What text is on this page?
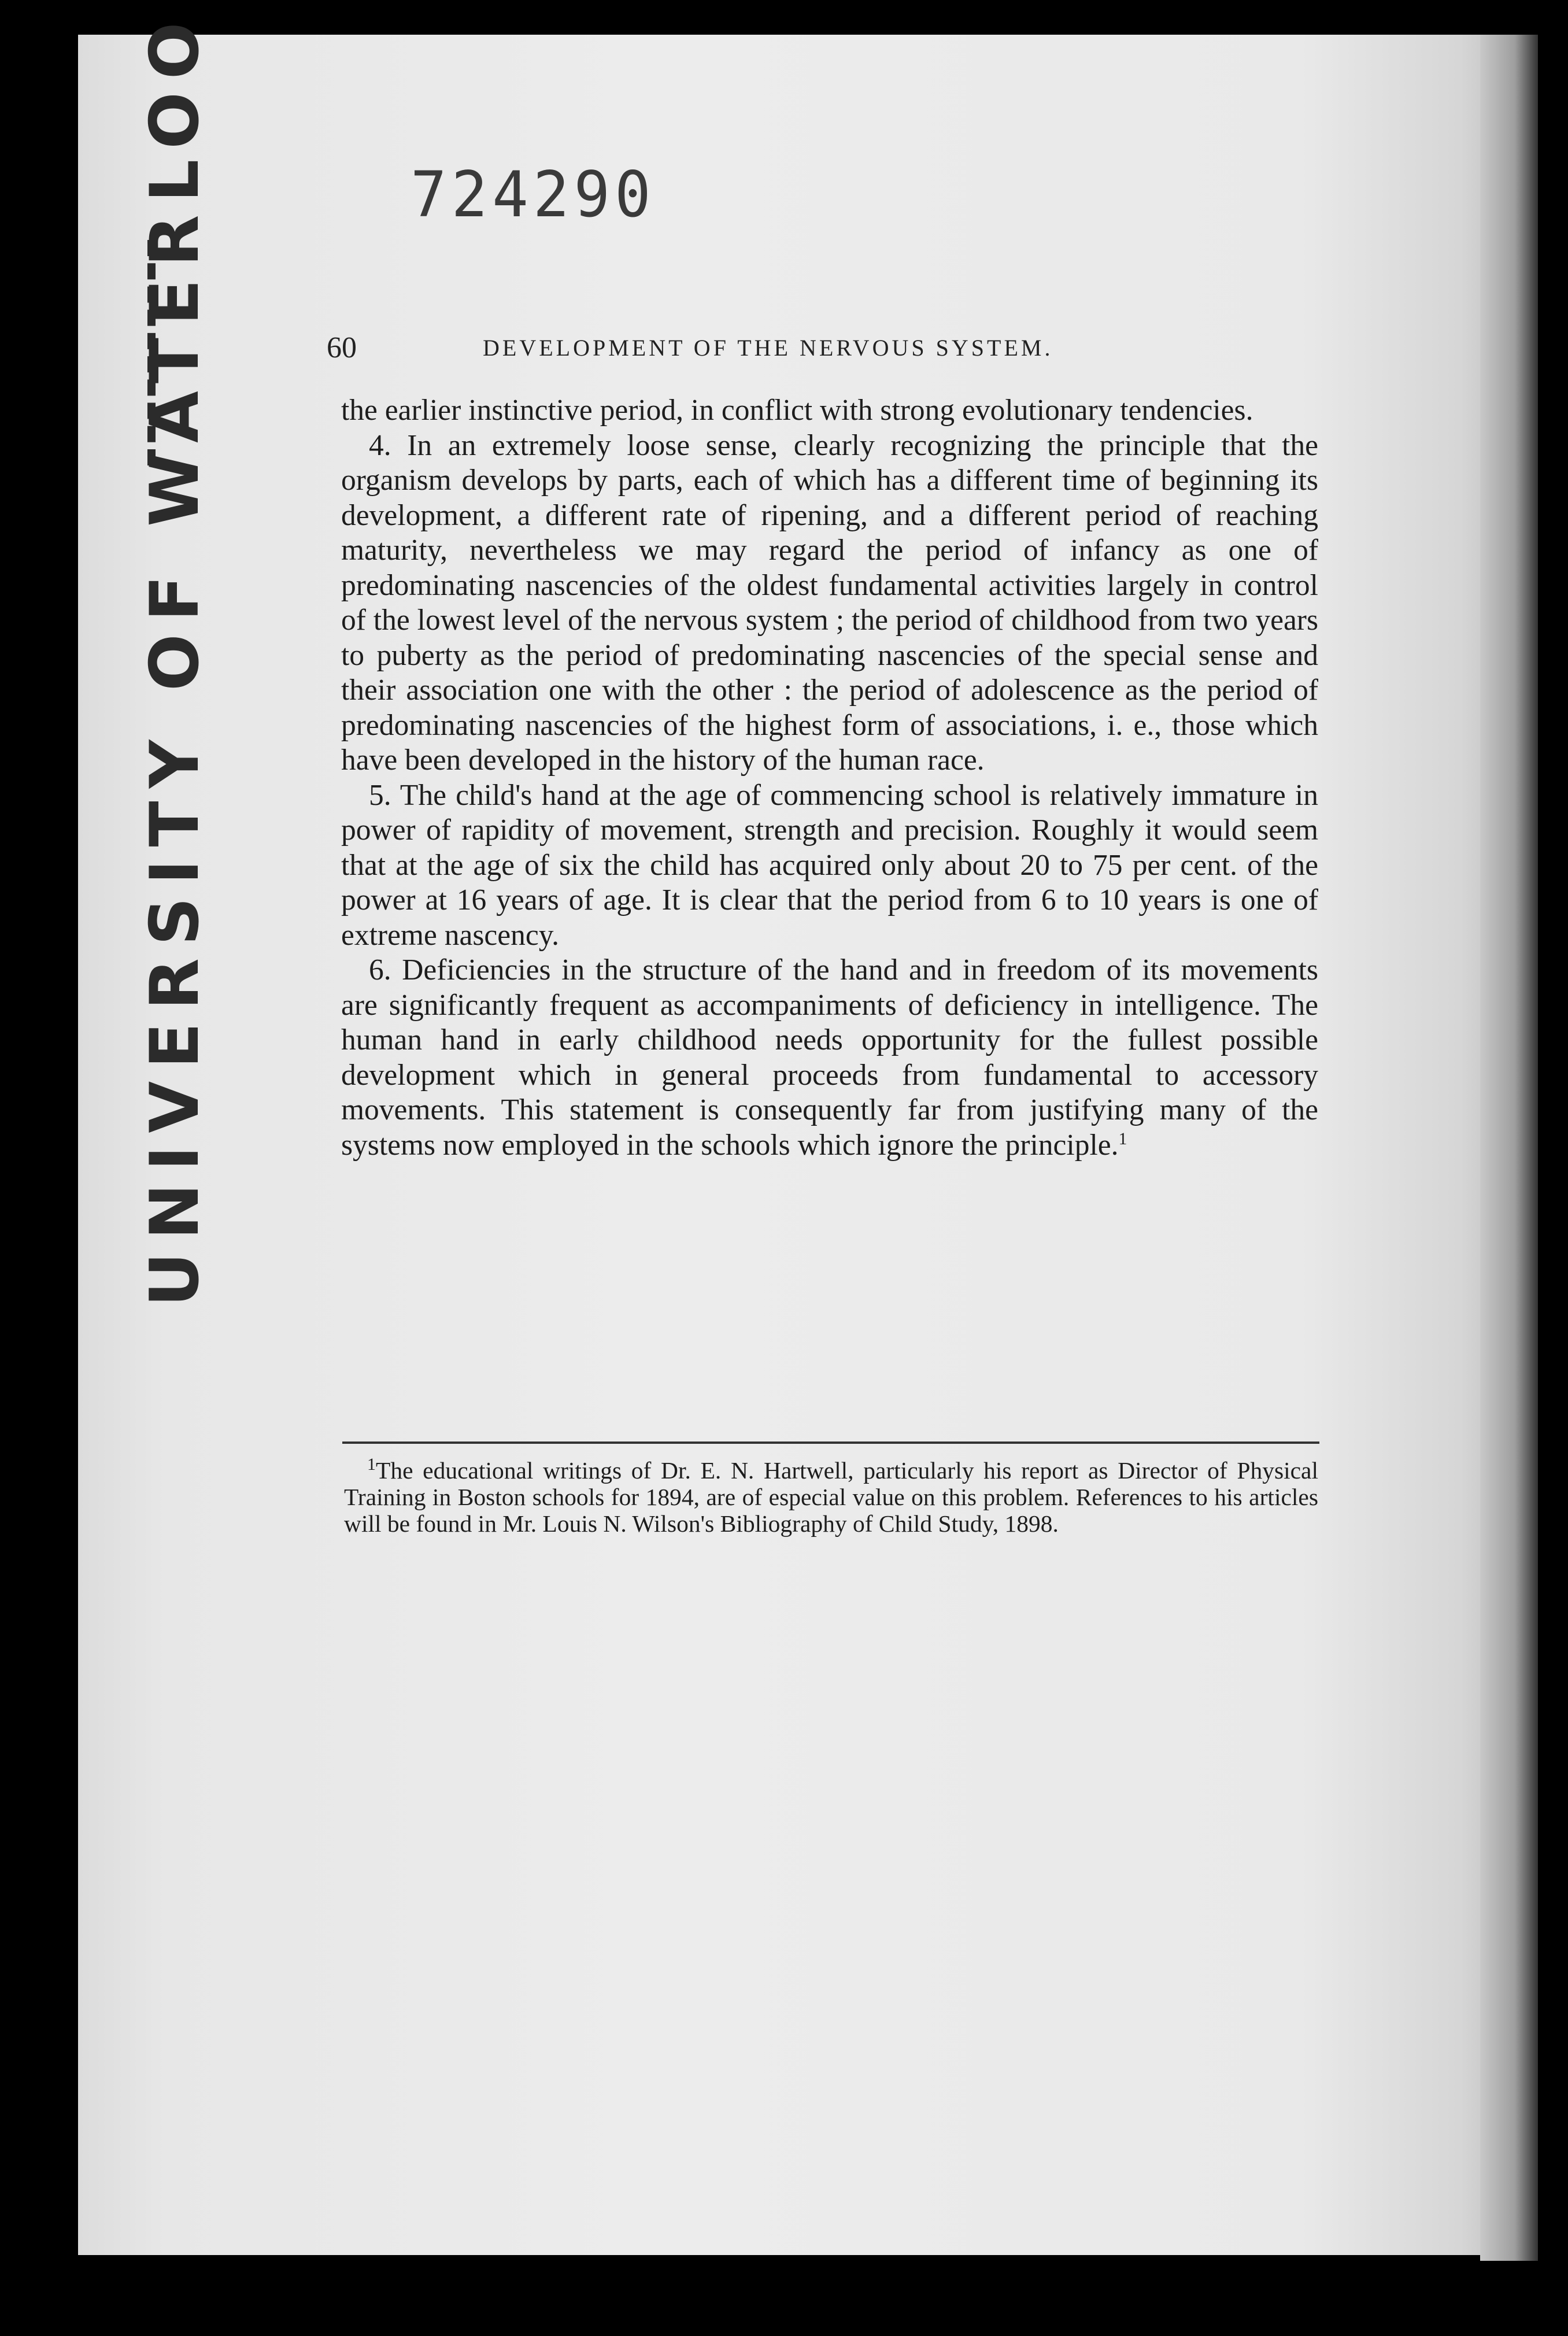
724290
UNIVERSITY OF WATERLOO	60	DEVELOPMENT OF THE NERVOUS SYSTEM.

the earlier instinctive period, in conflict with strong evolutionary tendencies.

4. In an extremely loose sense, clearly recognizing the principle that the organism develops by parts, each of which has a different time of beginning its development, a different rate of ripening, and a different period of reaching maturity, nevertheless we may regard the period of infancy as one of predominating nascencies of the oldest fundamental activities largely in control of the lowest level of the nervous system ; the period of childhood from two years to puberty as the period of predominating nascencies of the special sense and their association one with the other : the period of adolescence as the period of predominating nascencies of the highest form of associations, i. e., those which have been developed in the history of the human race.

5. The child's hand at the age of commencing school is relatively immature in power of rapidity of movement, strength and precision. Roughly it would seem that at the age of six the child has acquired only about 20 to 75 per cent. of the power at 16 years of age. It is clear that the period from 6 to 10 years is one of extreme nascency.

6. Deficiencies in the structure of the hand and in freedom of its movements are significantly frequent as accompaniments of deficiency in intelligence. The human hand in early childhood needs opportunity for the fullest possible development which in general proceeds from fundamental to accessory movements. This statement is consequently far from justifying many of the systems now employed in the schools which ignore the principle.$^1$

$^1$The educational writings of Dr. E. N. Hartwell, particularly his report as Director of Physical Training in Boston schools for 1894, are of especial value on this problem. References to his articles will be found in Mr. Louis N. Wilson's Bibliography of Child Study, 1898.
